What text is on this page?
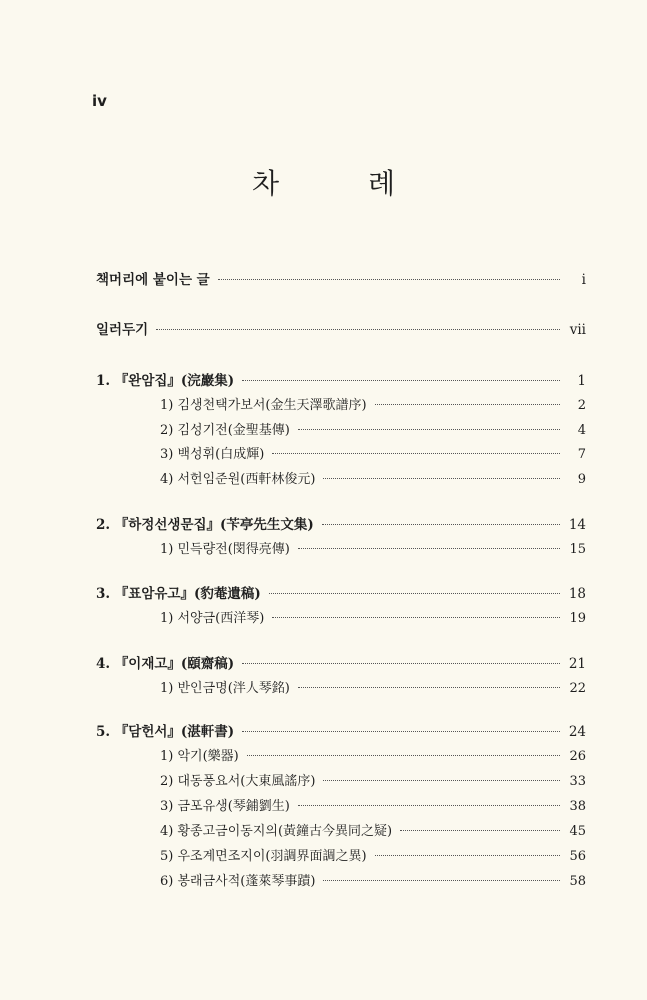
iv
차 례
책머리에 붙이는 글	i
일러두기	vii
1. 『완암집』(浣巖集)	1
1) 김생천택가보서(金生天澤歌譜序)	2
2) 김성기전(金聖基傳)	4
3) 백성휘(白成輝)	7
4) 서헌임준원(西軒林俊元)	9
2. 『하정선생문집』(苄亭先生文集)	14
1) 민득량전(閔得亮傳)	15
3. 『표암유고』(豹菴遺稿)	18
1) 서양금(西洋琴)	19
4. 『이재고』(頤齋稿)	21
1) 반인금명(泮人琴銘)	22
5. 『담헌서』(湛軒書)	24
1) 악기(樂器)	26
2) 대동풍요서(大東風謠序)	33
3) 금포유생(琴鋪劉生)	38
4) 황종고금이동지의(黃鐘古今異同之疑)	45
5) 우조계면조지이(羽調界面調之異)	56
6) 봉래금사적(蓬萊琴事蹟)	58
